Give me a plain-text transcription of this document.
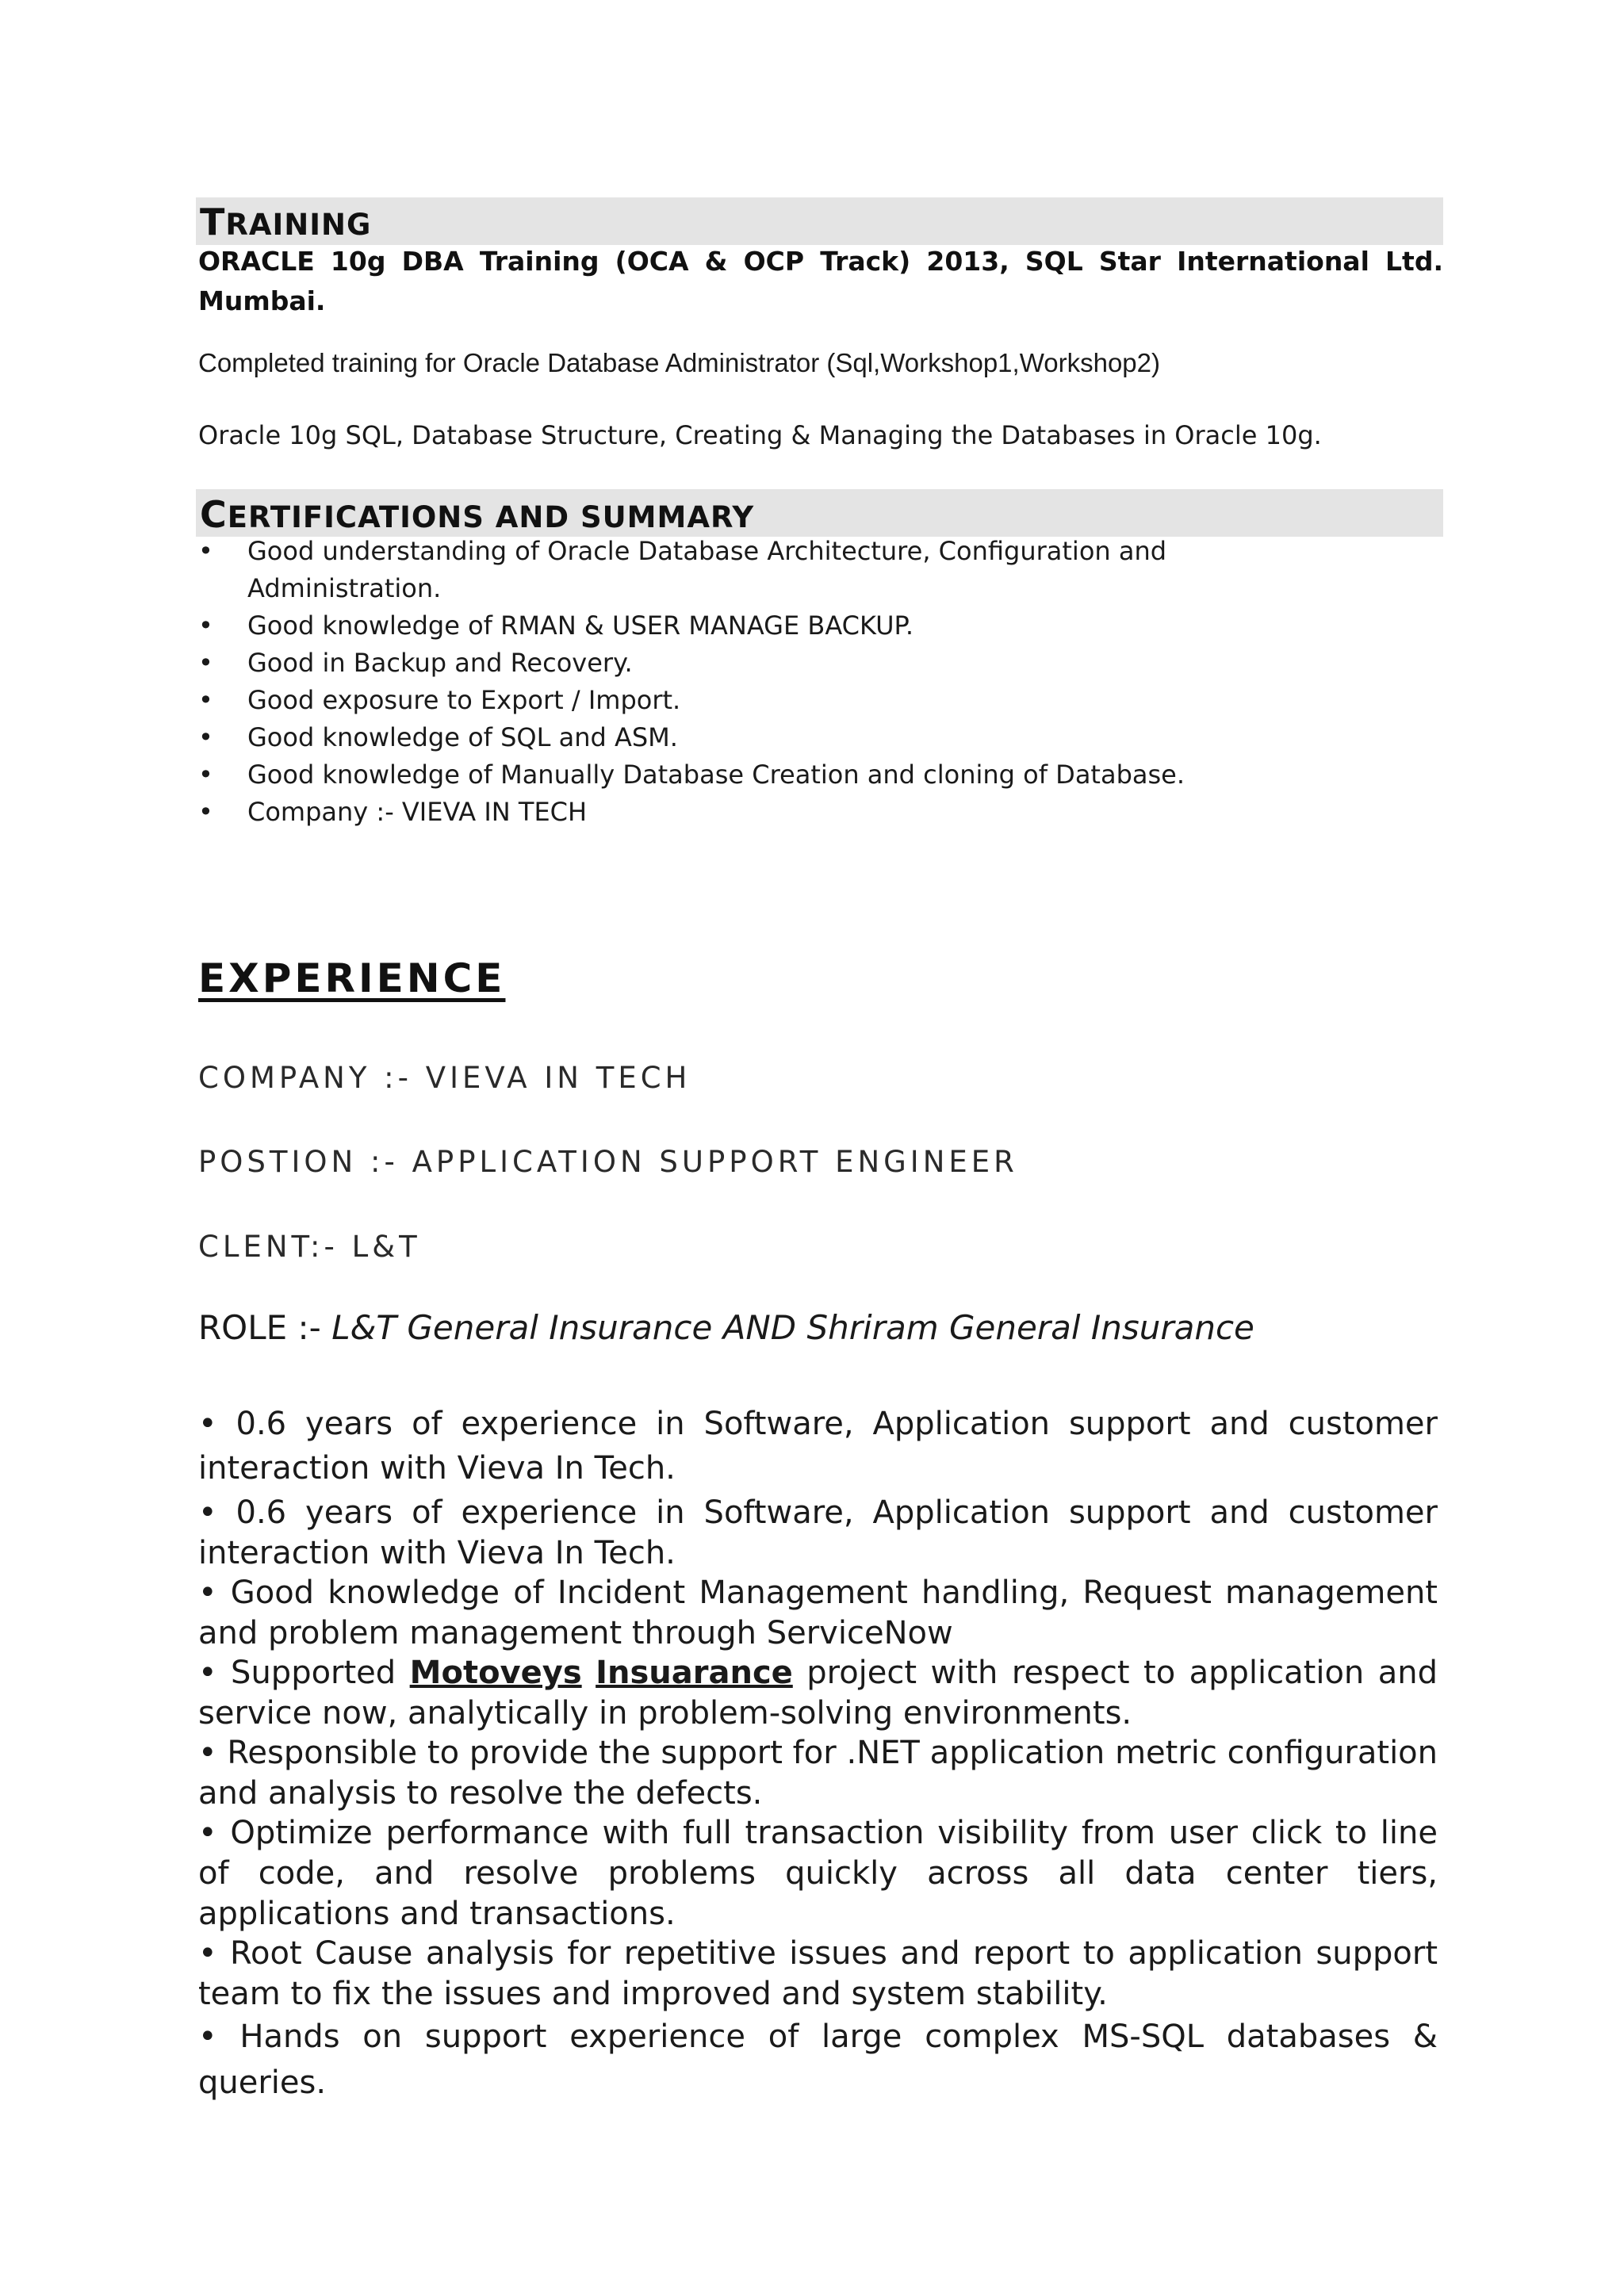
TRAINING
ORACLE 10g DBA Training (OCA & OCP Track) 2013, SQL Star International Ltd. Mumbai.
Completed training for Oracle Database Administrator (Sql,Workshop1,Workshop2)
Oracle 10g SQL, Database Structure, Creating & Managing the Databases in Oracle 10g.
CERTIFICATIONS AND SUMMARY
• Good understanding of Oracle Database Architecture, Configuration and Administration.
• Good knowledge of RMAN & USER MANAGE BACKUP.
• Good in Backup and Recovery.
• Good exposure to Export / Import.
• Good knowledge of SQL and ASM.
• Good knowledge of Manually Database Creation and cloning of Database.
• Company :- VIEVA IN TECH
EXPERIENCE
COMPANY :- VIEVA IN TECH
POSTION :- APPLICATION SUPPORT ENGINEER
CLENT:- L&T
ROLE :- L&T General Insurance AND Shriram General Insurance
• 0.6 years of experience in Software, Application support and customer interaction with Vieva In Tech.
• 0.6 years of experience in Software, Application support and customer interaction with Vieva In Tech.
• Good knowledge of Incident Management handling, Request management and problem management through ServiceNow
• Supported Motoveys Insuarance project with respect to application and service now, analytically in problem-solving environments.
• Responsible to provide the support for .NET application metric configuration and analysis to resolve the defects.
• Optimize performance with full transaction visibility from user click to line of code, and resolve problems quickly across all data center tiers, applications and transactions.
• Root Cause analysis for repetitive issues and report to application support team to fix the issues and improved and system stability.
• Hands on support experience of large complex MS-SQL databases & queries.
